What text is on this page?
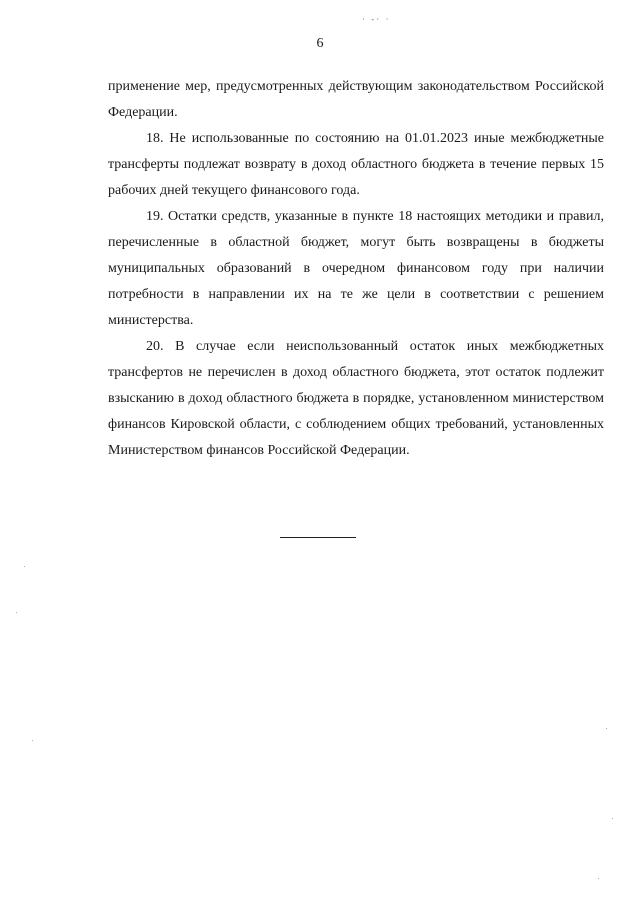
· -· ·
6

применение мер, предусмотренных действующим законодательством Российской Федерации.

18. Не использованные по состоянию на 01.01.2023 иные межбюджетные трансферты подлежат возврату в доход областного бюджета в течение первых 15 рабочих дней текущего финансового года.

19. Остатки средств, указанные в пункте 18 настоящих методики и правил, перечисленные в областной бюджет, могут быть возвращены в бюджеты муниципальных образований в очередном финансовом году при наличии потребности в направлении их на те же цели в соответствии с решением министерства.

20. В случае если неиспользованный остаток иных межбюджетных трансфертов не перечислен в доход областного бюджета, этот остаток подлежит взысканию в доход областного бюджета в порядке, установленном министерством финансов Кировской области, с соблюдением общих требований, установленных Министерством финансов Российской Федерации.
